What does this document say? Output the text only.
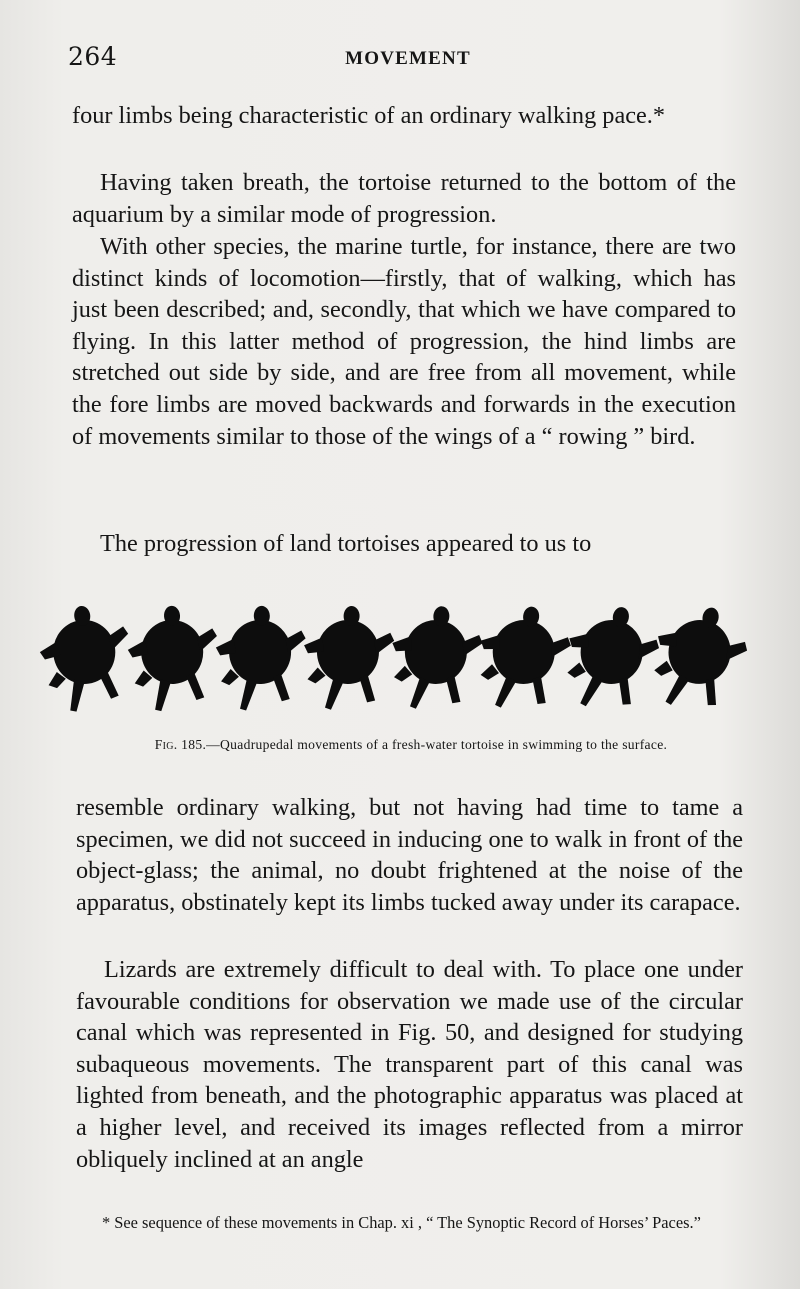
264	MOVEMENT

four limbs being characteristic of an ordinary walking pace.*

Having taken breath, the tortoise returned to the bottom of the aquarium by a similar mode of progression.

With other species, the marine turtle, for instance, there are two distinct kinds of locomotion—firstly, that of walking, which has just been described; and, secondly, that which we have compared to flying. In this latter method of progression, the hind limbs are stretched out side by side, and are free from all movement, while the fore limbs are moved backwards and forwards in the execution of movements similar to those of the wings of a “ rowing ” bird.

The progression of land tortoises appeared to us to

Fig. 185.—Quadrupedal movements of a fresh-water tortoise in swimming to the surface.

resemble ordinary walking, but not having had time to tame a specimen, we did not succeed in inducing one to walk in front of the object-glass; the animal, no doubt frightened at the noise of the apparatus, obstinately kept its limbs tucked away under its carapace.

Lizards are extremely difficult to deal with. To place one under favourable conditions for observation we made use of the circular canal which was represented in Fig. 50, and designed for studying subaqueous movements. The transparent part of this canal was lighted from beneath, and the photographic apparatus was placed at a higher level, and received its images reflected from a mirror obliquely inclined at an angle

* See sequence of these movements in Chap. xi , “ The Synoptic Record of Horses’ Paces.”
